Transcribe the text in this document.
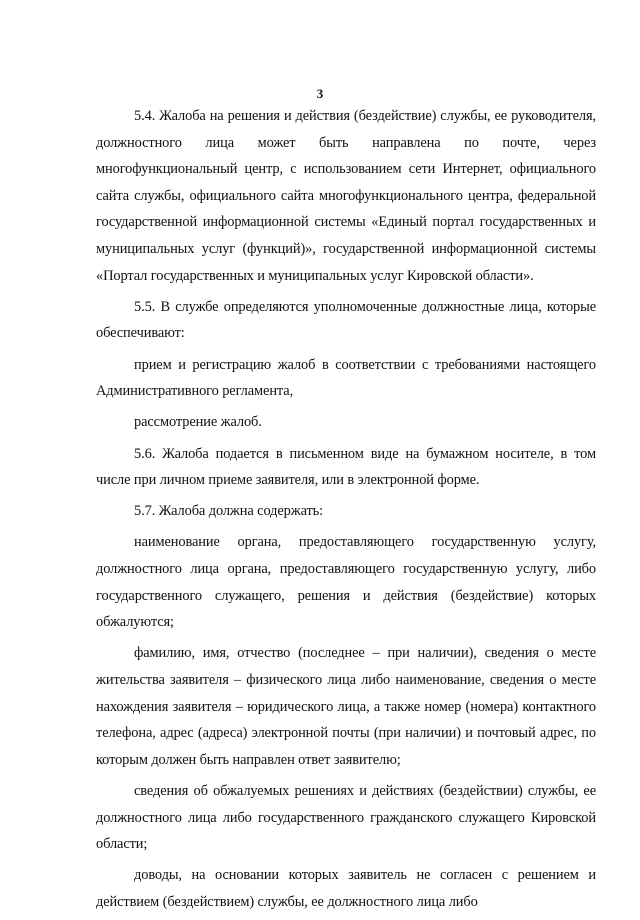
3

5.4. Жалоба на решения и действия (бездействие) службы, ее руководителя, должностного лица может быть направлена по почте, через многофункциональный центр, с использованием сети Интернет, официального сайта службы, официального сайта многофункционального центра, федеральной государственной информационной системы «Единый портал государственных и муниципальных услуг (функций)», государственной информационной системы «Портал государственных и муниципальных услуг Кировской области».

5.5. В службе определяются уполномоченные должностные лица, которые обеспечивают:

прием и регистрацию жалоб в соответствии с требованиями настоящего Административного регламента,

рассмотрение жалоб.

5.6. Жалоба подается в письменном виде на бумажном носителе, в том числе при личном приеме заявителя, или в электронной форме.

5.7. Жалоба должна содержать:

наименование органа, предоставляющего государственную услугу, должностного лица органа, предоставляющего государственную услугу, либо государственного служащего, решения и действия (бездействие) которых обжалуются;

фамилию, имя, отчество (последнее – при наличии), сведения о месте жительства заявителя – физического лица либо наименование, сведения о месте нахождения заявителя – юридического лица, а также номер (номера) контактного телефона, адрес (адреса) электронной почты (при наличии) и почтовый адрес, по которым должен быть направлен ответ заявителю;

сведения об обжалуемых решениях и действиях (бездействии) службы, ее должностного лица либо государственного гражданского служащего Кировской области;

доводы, на основании которых заявитель не согласен с решением и действием (бездействием) службы, ее должностного лица либо
